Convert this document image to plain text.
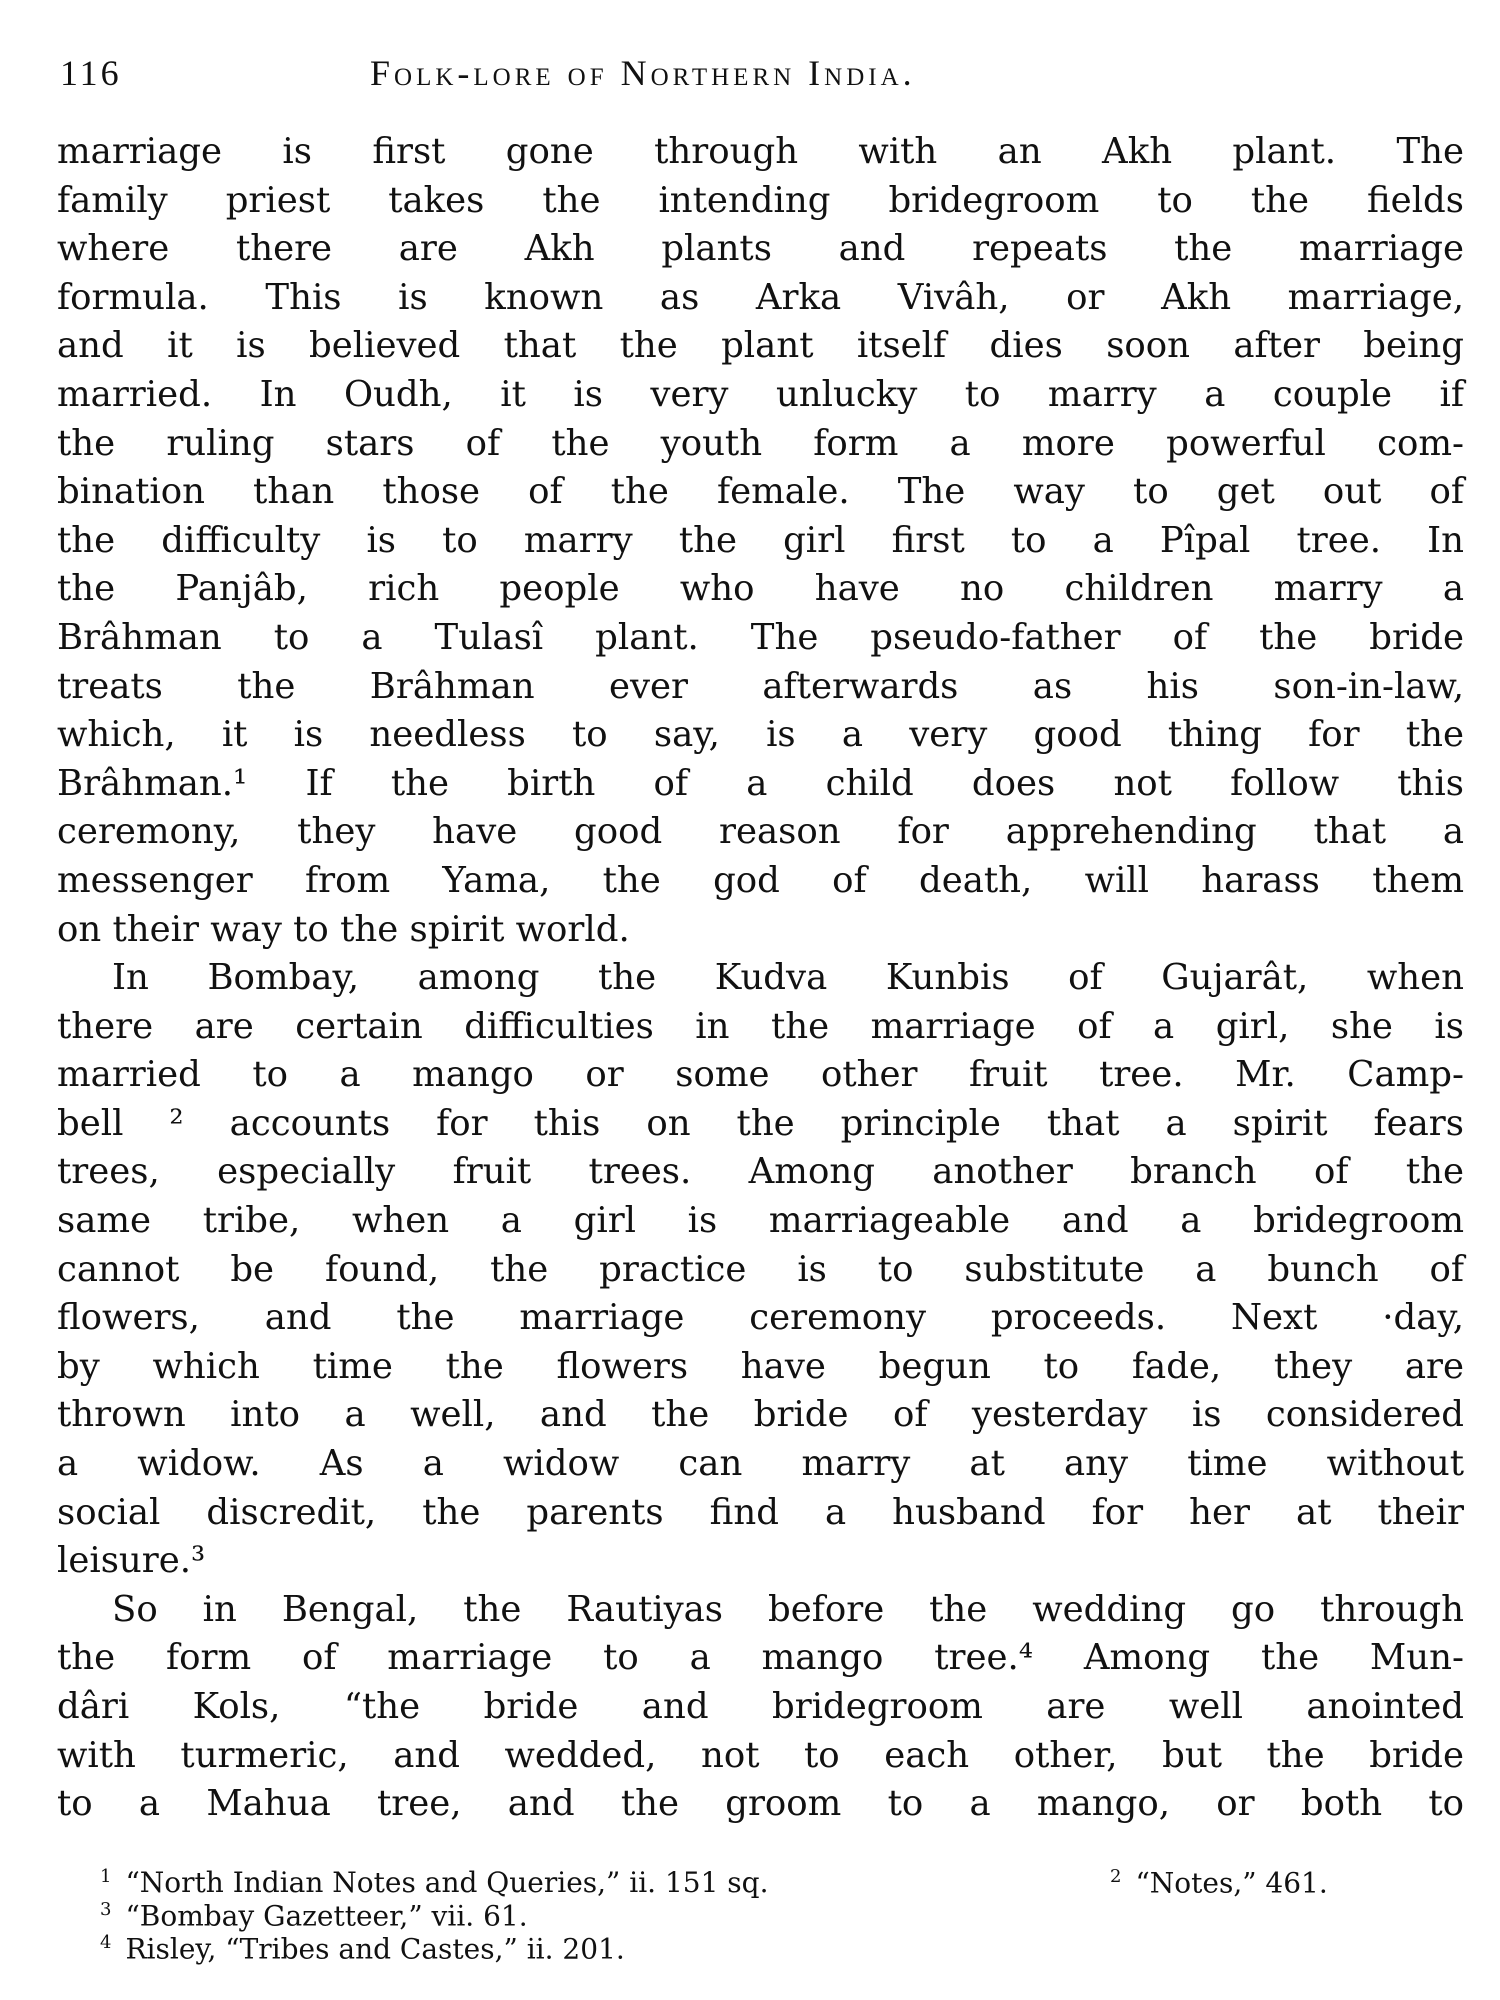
116	Folk-lore of Northern India.

marriage is first gone through with an Akh plant. The
family priest takes the intending bridegroom to the fields
where there are Akh plants and repeats the marriage
formula. This is known as Arka Vivâh, or Akh marriage,
and it is believed that the plant itself dies soon after being
married. In Oudh, it is very unlucky to marry a couple if
the ruling stars of the youth form a more powerful com-
bination than those of the female. The way to get out of
the difficulty is to marry the girl first to a Pîpal tree. In
the Panjâb, rich people who have no children marry a
Brâhman to a Tulasî plant. The pseudo-father of the bride
treats the Brâhman ever afterwards as his son-in-law,
which, it is needless to say, is a very good thing for the
Brâhman.¹ If the birth of a child does not follow this
ceremony, they have good reason for apprehending that a
messenger from Yama, the god of death, will harass them
on their way to the spirit world.

In Bombay, among the Kudva Kunbis of Gujarât, when
there are certain difficulties in the marriage of a girl, she is
married to a mango or some other fruit tree. Mr. Camp-
bell ² accounts for this on the principle that a spirit fears
trees, especially fruit trees. Among another branch of the
same tribe, when a girl is marriageable and a bridegroom
cannot be found, the practice is to substitute a bunch of
flowers, and the marriage ceremony proceeds. Next ·day,
by which time the flowers have begun to fade, they are
thrown into a well, and the bride of yesterday is considered
a widow. As a widow can marry at any time without
social discredit, the parents find a husband for her at their
leisure.³

So in Bengal, the Rautiyas before the wedding go through
the form of marriage to a mango tree.⁴ Among the Mun-
dâri Kols, “the bride and bridegroom are well anointed
with turmeric, and wedded, not to each other, but the bride
to a Mahua tree, and the groom to a mango, or both to

$^1$ “North Indian Notes and Queries,” ii. 151 sq.	$^2$ “Notes,” 461.
$^3$ “Bombay Gazetteer,” vii. 61.
$^4$ Risley, “Tribes and Castes,” ii. 201.
